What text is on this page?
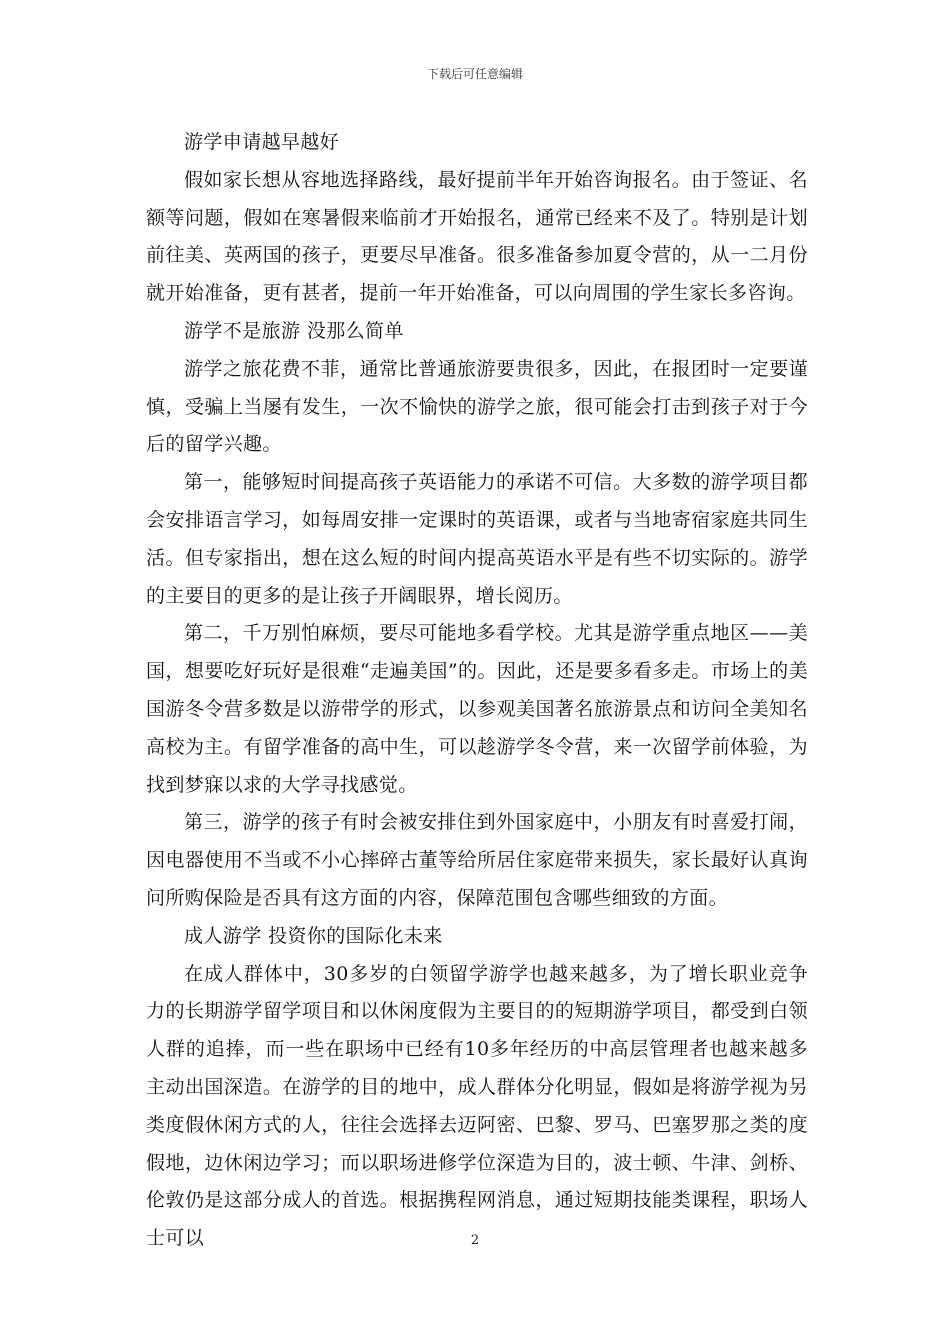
下载后可任意编辑

游学申请越早越好

假如家长想从容地选择路线，最好提前半年开始咨询报名。由于签证、名额等问题，假如在寒暑假来临前才开始报名，通常已经来不及了。特别是计划前往美、英两国的孩子，更要尽早准备。很多准备参加夏令营的，从一二月份就开始准备，更有甚者，提前一年开始准备，可以向周围的学生家长多咨询。

游学不是旅游 没那么简单

游学之旅花费不菲，通常比普通旅游要贵很多，因此，在报团时一定要谨慎，受骗上当屡有发生，一次不愉快的游学之旅，很可能会打击到孩子对于今后的留学兴趣。

第一，能够短时间提高孩子英语能力的承诺不可信。大多数的游学项目都会安排语言学习，如每周安排一定课时的英语课，或者与当地寄宿家庭共同生活。但专家指出，想在这么短的时间内提高英语水平是有些不切实际的。游学的主要目的更多的是让孩子开阔眼界，增长阅历。

第二，千万别怕麻烦，要尽可能地多看学校。尤其是游学重点地区——美国，想要吃好玩好是很难“走遍美国”的。因此，还是要多看多走。市场上的美国游冬令营多数是以游带学的形式，以参观美国著名旅游景点和访问全美知名高校为主。有留学准备的高中生，可以趁游学冬令营，来一次留学前体验，为找到梦寐以求的大学寻找感觉。

第三，游学的孩子有时会被安排住到外国家庭中，小朋友有时喜爱打闹，因电器使用不当或不小心摔碎古董等给所居住家庭带来损失，家长最好认真询问所购保险是否具有这方面的内容，保障范围包含哪些细致的方面。

成人游学 投资你的国际化未来

在成人群体中，30多岁的白领留学游学也越来越多，为了增长职业竞争力的长期游学留学项目和以休闲度假为主要目的的短期游学项目，都受到白领人群的追捧，而一些在职场中已经有10多年经历的中高层管理者也越来越多主动出国深造。在游学的目的地中，成人群体分化明显，假如是将游学视为另类度假休闲方式的人，往往会选择去迈阿密、巴黎、罗马、巴塞罗那之类的度假地，边休闲边学习；而以职场进修学位深造为目的，波士顿、牛津、剑桥、伦敦仍是这部分成人的首选。根据携程网消息，通过短期技能类课程，职场人士可以	2
